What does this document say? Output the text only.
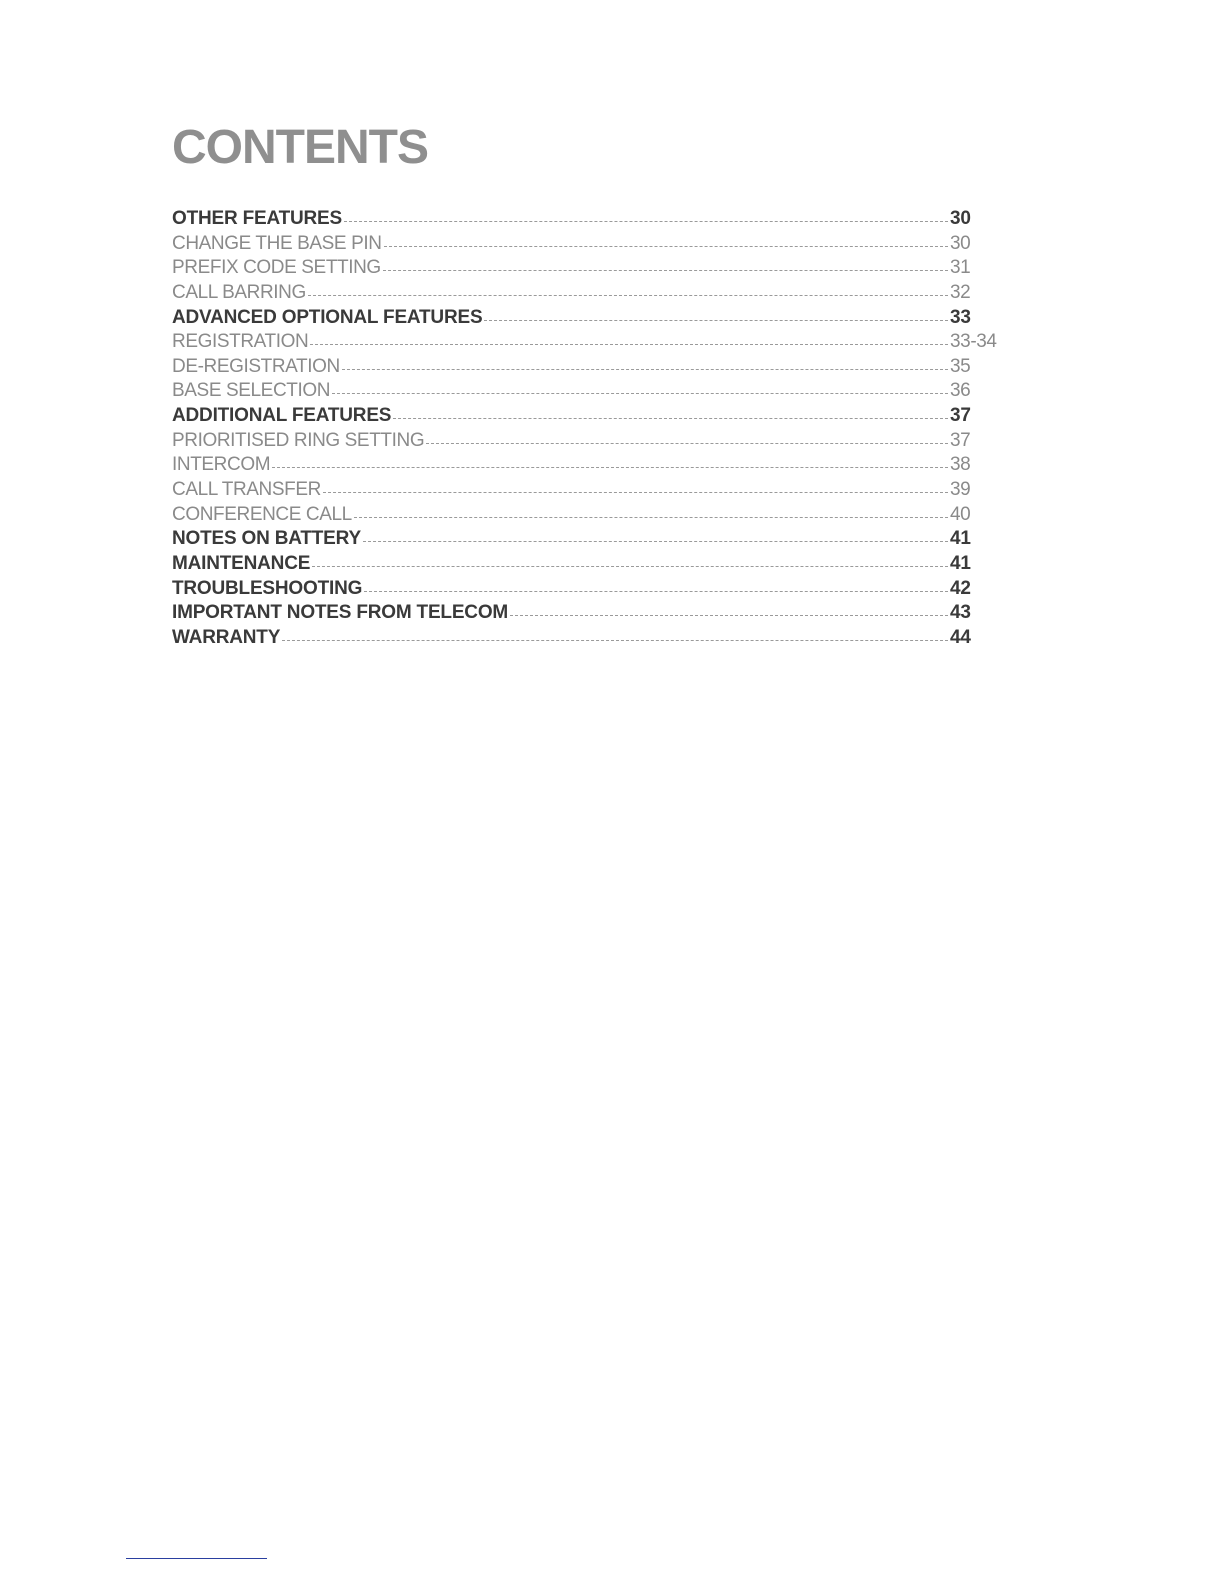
CONTENTS
OTHER FEATURES	30
CHANGE THE BASE PIN	30
PREFIX CODE SETTING	31
CALL BARRING	32
ADVANCED OPTIONAL FEATURES	33
REGISTRATION	33-34
DE-REGISTRATION	35
BASE SELECTION	36
ADDITIONAL FEATURES	37
PRIORITISED RING SETTING	37
INTERCOM	38
CALL TRANSFER	39
CONFERENCE CALL	40
NOTES ON BATTERY	41
MAINTENANCE	41
TROUBLESHOOTING	42
IMPORTANT NOTES FROM TELECOM	43
WARRANTY	44
